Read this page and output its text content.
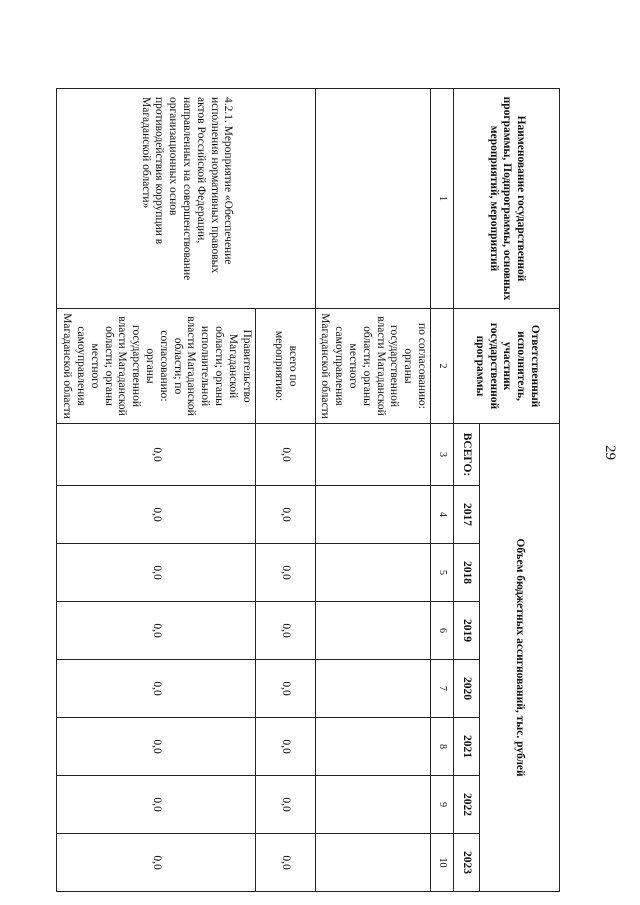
29
Наименование государственной программы, Подпрограммы, основных мероприятий, мероприятий	Ответственный исполнитель, участник государственной программы	Объем бюджетных ассигнований, тыс. рублей							
		ВСЕГО:	2017	2018	2019	2020	2021	2022	2023
1	2	3	4	5	6	7	8	9	10
	по согласованию: органы государственной власти Магаданской области; органы местного самоуправления Магаданской области								
4.2.1. Мероприятие «Обеспечение исполнения нормативных правовых актов Российской Федерации, направленных на совершенствование организационных основ противодействия коррупции в Магаданской области»	всего по мероприятию:	0,0	0,0	0,0	0,0	0,0	0,0	0,0	0,0
	Правительство Магаданской области; органы исполнительной власти Магаданской области; по согласованию: органы государственной власти Магаданской области; органы местного самоуправления Магаданской области	0,0	0,0	0,0	0,0	0,0	0,0	0,0	0,0
